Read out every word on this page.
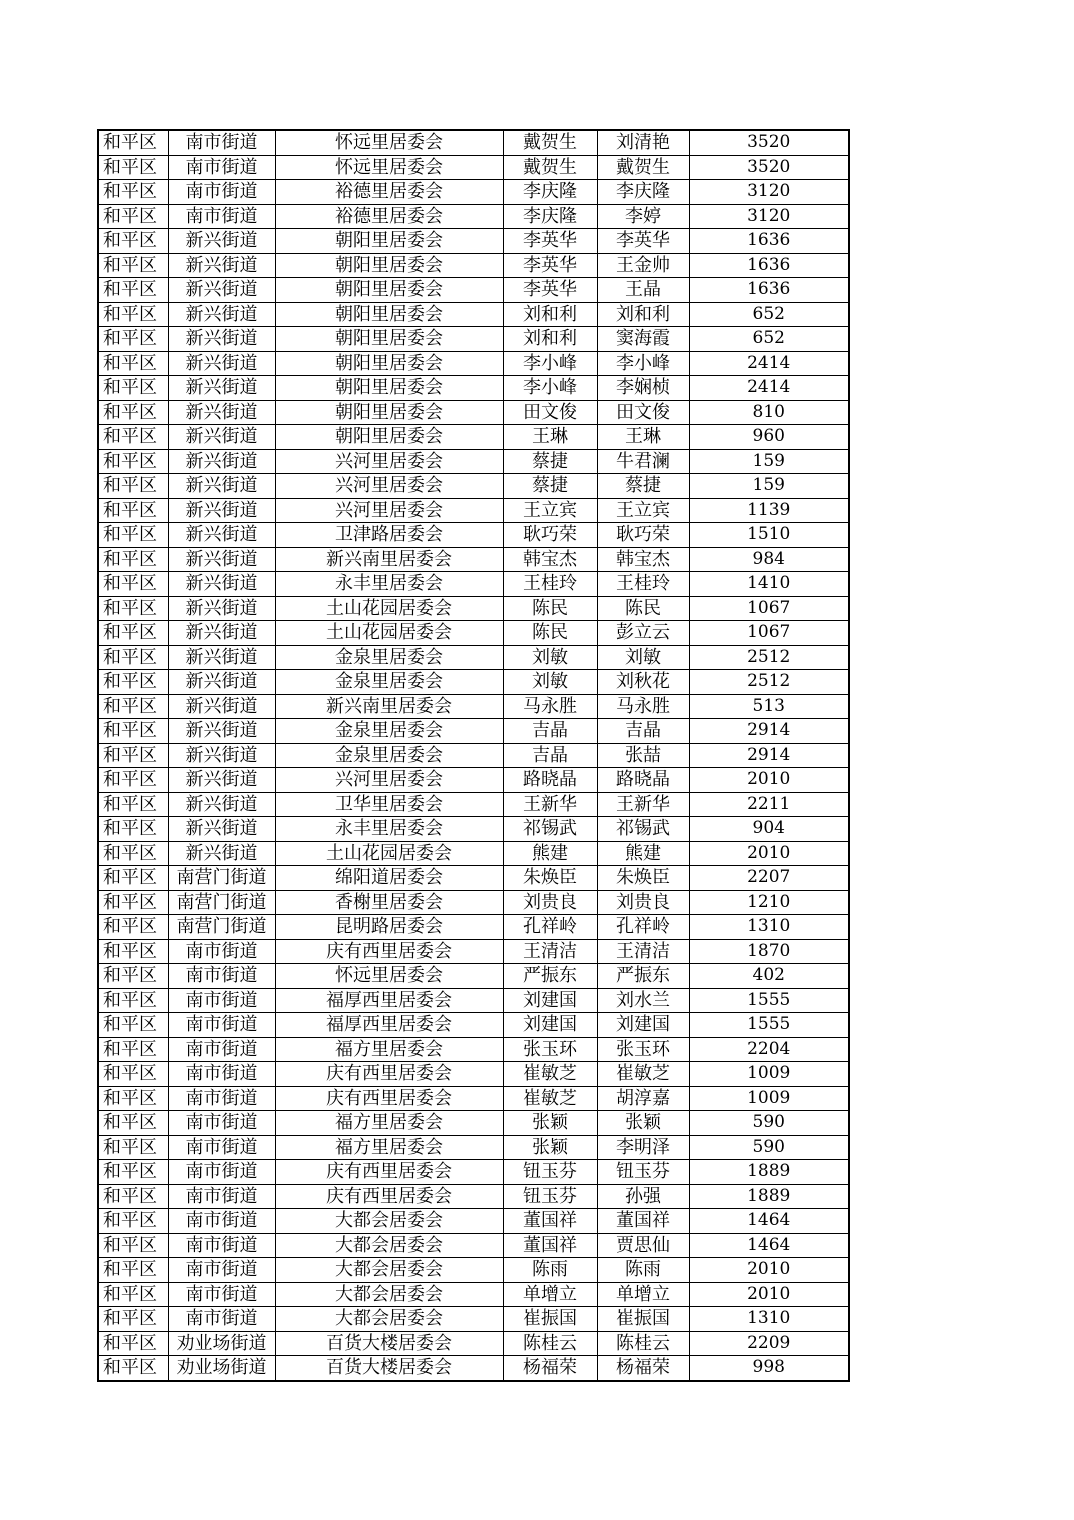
和平区	南市街道	怀远里居委会	戴贺生	刘清艳	3520
和平区	南市街道	怀远里居委会	戴贺生	戴贺生	3520
和平区	南市街道	裕德里居委会	李庆隆	李庆隆	3120
和平区	南市街道	裕德里居委会	李庆隆	李婷	3120
和平区	新兴街道	朝阳里居委会	李英华	李英华	1636
和平区	新兴街道	朝阳里居委会	李英华	王金帅	1636
和平区	新兴街道	朝阳里居委会	李英华	王晶	1636
和平区	新兴街道	朝阳里居委会	刘和利	刘和利	652
和平区	新兴街道	朝阳里居委会	刘和利	窦海霞	652
和平区	新兴街道	朝阳里居委会	李小峰	李小峰	2414
和平区	新兴街道	朝阳里居委会	李小峰	李娴桢	2414
和平区	新兴街道	朝阳里居委会	田文俊	田文俊	810
和平区	新兴街道	朝阳里居委会	王琳	王琳	960
和平区	新兴街道	兴河里居委会	蔡捷	牛君澜	159
和平区	新兴街道	兴河里居委会	蔡捷	蔡捷	159
和平区	新兴街道	兴河里居委会	王立宾	王立宾	1139
和平区	新兴街道	卫津路居委会	耿巧荣	耿巧荣	1510
和平区	新兴街道	新兴南里居委会	韩宝杰	韩宝杰	984
和平区	新兴街道	永丰里居委会	王桂玲	王桂玲	1410
和平区	新兴街道	土山花园居委会	陈民	陈民	1067
和平区	新兴街道	土山花园居委会	陈民	彭立云	1067
和平区	新兴街道	金泉里居委会	刘敏	刘敏	2512
和平区	新兴街道	金泉里居委会	刘敏	刘秋花	2512
和平区	新兴街道	新兴南里居委会	马永胜	马永胜	513
和平区	新兴街道	金泉里居委会	吉晶	吉晶	2914
和平区	新兴街道	金泉里居委会	吉晶	张喆	2914
和平区	新兴街道	兴河里居委会	路晓晶	路晓晶	2010
和平区	新兴街道	卫华里居委会	王新华	王新华	2211
和平区	新兴街道	永丰里居委会	祁锡武	祁锡武	904
和平区	新兴街道	土山花园居委会	熊建	熊建	2010
和平区	南营门街道	绵阳道居委会	朱焕臣	朱焕臣	2207
和平区	南营门街道	香榭里居委会	刘贵良	刘贵良	1210
和平区	南营门街道	昆明路居委会	孔祥岭	孔祥岭	1310
和平区	南市街道	庆有西里居委会	王清洁	王清洁	1870
和平区	南市街道	怀远里居委会	严振东	严振东	402
和平区	南市街道	福厚西里居委会	刘建国	刘水兰	1555
和平区	南市街道	福厚西里居委会	刘建国	刘建国	1555
和平区	南市街道	福方里居委会	张玉环	张玉环	2204
和平区	南市街道	庆有西里居委会	崔敏芝	崔敏芝	1009
和平区	南市街道	庆有西里居委会	崔敏芝	胡淳嘉	1009
和平区	南市街道	福方里居委会	张颖	张颖	590
和平区	南市街道	福方里居委会	张颖	李明泽	590
和平区	南市街道	庆有西里居委会	钮玉芬	钮玉芬	1889
和平区	南市街道	庆有西里居委会	钮玉芬	孙强	1889
和平区	南市街道	大都会居委会	董国祥	董国祥	1464
和平区	南市街道	大都会居委会	董国祥	贾思仙	1464
和平区	南市街道	大都会居委会	陈雨	陈雨	2010
和平区	南市街道	大都会居委会	单增立	单增立	2010
和平区	南市街道	大都会居委会	崔振国	崔振国	1310
和平区	劝业场街道	百货大楼居委会	陈桂云	陈桂云	2209
和平区	劝业场街道	百货大楼居委会	杨福荣	杨福荣	998
